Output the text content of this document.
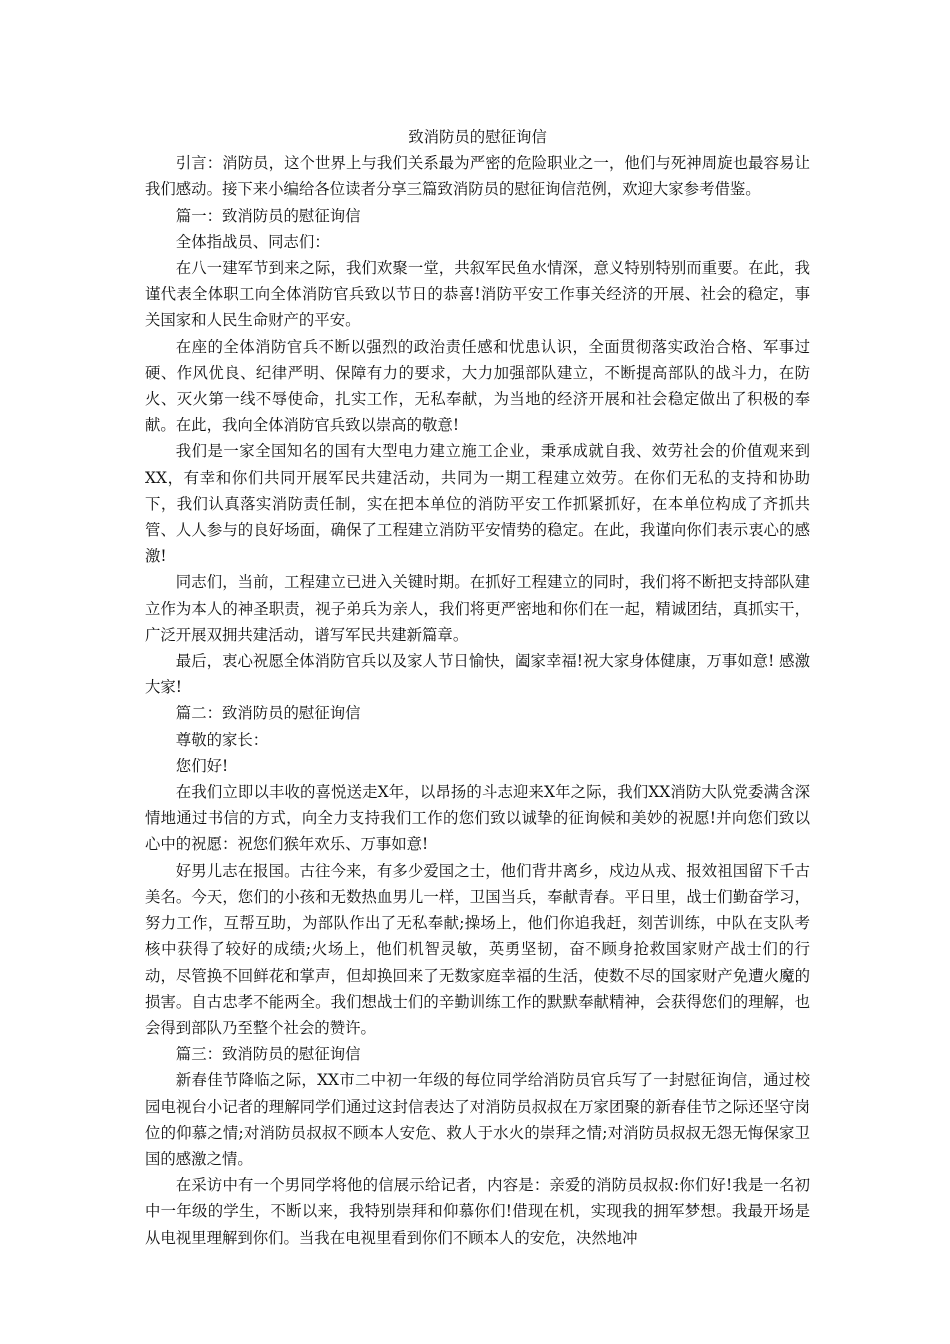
致消防员的慰征询信

引言：消防员，这个世界上与我们关系最为严密的危险职业之一，他们与死神周旋也最容易让我们感动。接下来小编给各位读者分享三篇致消防员的慰征询信范例，欢迎大家参考借鉴。

篇一：致消防员的慰征询信

全体指战员、同志们：

在八一建军节到来之际，我们欢聚一堂，共叙军民鱼水情深，意义特别特别而重要。在此，我谨代表全体职工向全体消防官兵致以节日的恭喜!消防平安工作事关经济的开展、社会的稳定，事关国家和人民生命财产的平安。

在座的全体消防官兵不断以强烈的政治责任感和忧患认识，全面贯彻落实政治合格、军事过硬、作风优良、纪律严明、保障有力的要求，大力加强部队建立，不断提高部队的战斗力，在防火、灭火第一线不辱使命，扎实工作，无私奉献，为当地的经济开展和社会稳定做出了积极的奉献。在此，我向全体消防官兵致以崇高的敬意!

我们是一家全国知名的国有大型电力建立施工企业，秉承成就自我、效劳社会的价值观来到XX，有幸和你们共同开展军民共建活动，共同为一期工程建立效劳。在你们无私的支持和协助下，我们认真落实消防责任制，实在把本单位的消防平安工作抓紧抓好，在本单位构成了齐抓共管、人人参与的良好场面，确保了工程建立消防平安情势的稳定。在此，我谨向你们表示衷心的感激!

同志们，当前，工程建立已进入关键时期。在抓好工程建立的同时，我们将不断把支持部队建立作为本人的神圣职责，视子弟兵为亲人，我们将更严密地和你们在一起，精诚团结，真抓实干，广泛开展双拥共建活动，谱写军民共建新篇章。

最后，衷心祝愿全体消防官兵以及家人节日愉快，阖家幸福!祝大家身体健康，万事如意! 感激大家!

篇二：致消防员的慰征询信

尊敬的家长：

您们好!

在我们立即以丰收的喜悦送走X年，以昂扬的斗志迎来X年之际，我们XX消防大队党委满含深情地通过书信的方式，向全力支持我们工作的您们致以诚挚的征询候和美妙的祝愿!并向您们致以心中的祝愿：祝您们猴年欢乐、万事如意!

好男儿志在报国。古往今来，有多少爱国之士，他们背井离乡，戍边从戎、报效祖国留下千古美名。今天，您们的小孩和无数热血男儿一样，卫国当兵，奉献青春。平日里，战士们勤奋学习，努力工作，互帮互助，为部队作出了无私奉献;操场上，他们你追我赶，刻苦训练，中队在支队考核中获得了较好的成绩;火场上，他们机智灵敏，英勇坚韧，奋不顾身抢救国家财产战士们的行动，尽管换不回鲜花和掌声，但却换回来了无数家庭幸福的生活，使数不尽的国家财产免遭火魔的损害。自古忠孝不能两全。我们想战士们的辛勤训练工作的默默奉献精神，会获得您们的理解，也会得到部队乃至整个社会的赞许。

篇三：致消防员的慰征询信

新春佳节降临之际，XX市二中初一年级的每位同学给消防员官兵写了一封慰征询信，通过校园电视台小记者的理解同学们通过这封信表达了对消防员叔叔在万家团聚的新春佳节之际还坚守岗位的仰慕之情;对消防员叔叔不顾本人安危、救人于水火的崇拜之情;对消防员叔叔无怨无悔保家卫国的感激之情。

在采访中有一个男同学将他的信展示给记者，内容是：亲爱的消防员叔叔:你们好!我是一名初中一年级的学生，不断以来，我特别崇拜和仰慕你们!借现在机，实现我的拥军梦想。我最开场是从电视里理解到你们。当我在电视里看到你们不顾本人的安危，决然地冲
